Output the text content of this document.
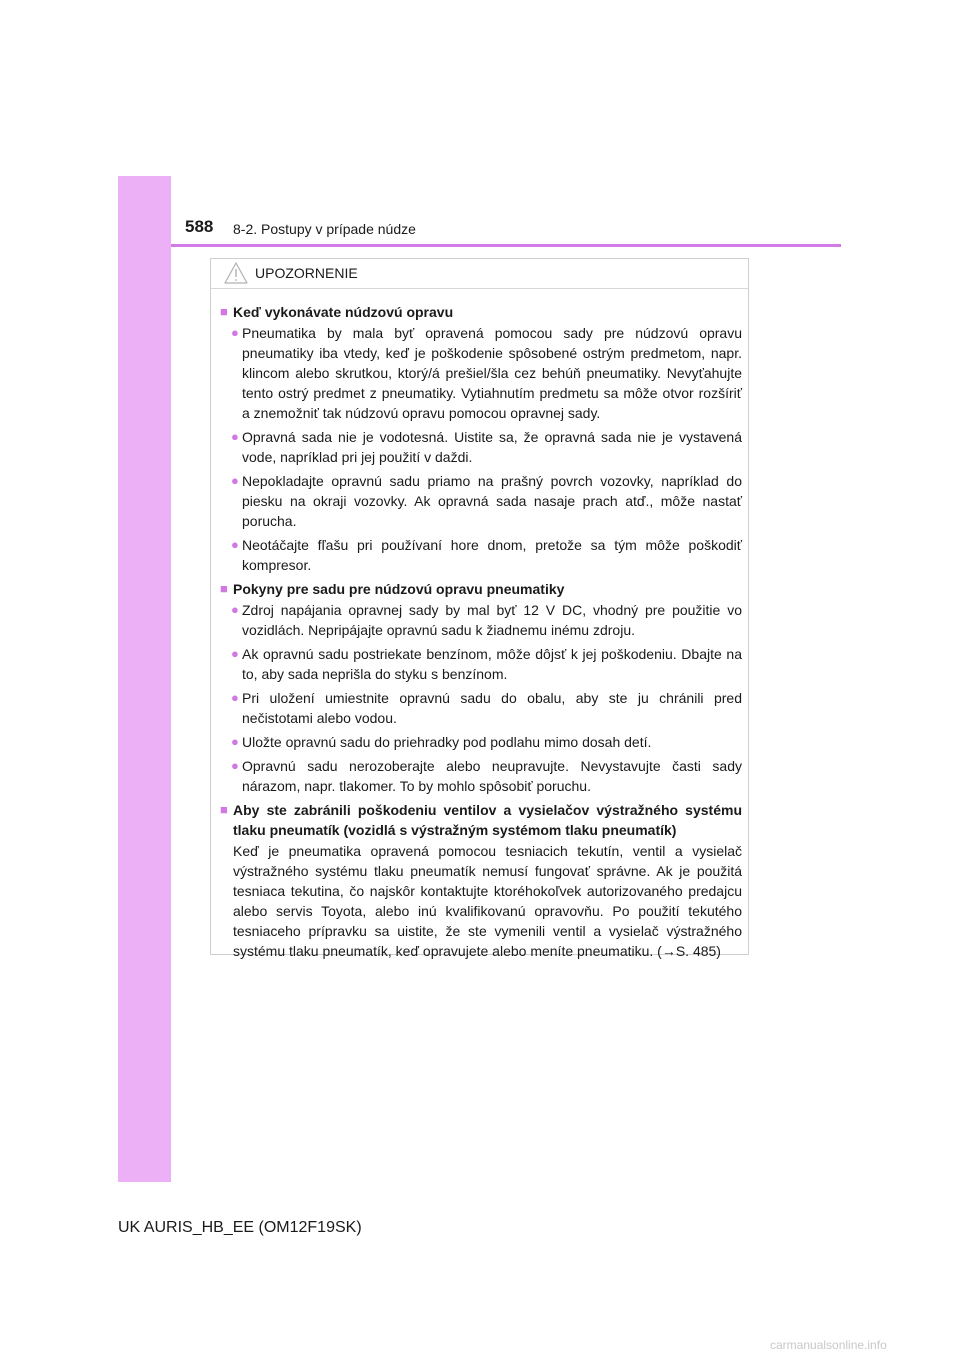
588 8-2. Postupy v prípade núdze
UPOZORNENIE
■ Keď vykonávate núdzovú opravu
● Pneumatika by mala byť opravená pomocou sady pre núdzovú opravu pneumatiky iba vtedy, keď je poškodenie spôsobené ostrým predmetom, napr. klincom alebo skrutkou, ktorý/á prešiel/šla cez behúň pneumatiky. Nevyťahujte tento ostrý predmet z pneumatiky. Vytiahnutím predmetu sa môže otvor rozšíriť a znemožniť tak núdzovú opravu pomocou opravnej sady.
● Opravná sada nie je vodotesná. Uistite sa, že opravná sada nie je vystavená vode, napríklad pri jej použití v daždi.
● Nepokladajte opravnú sadu priamo na prašný povrch vozovky, napríklad do piesku na okraji vozovky. Ak opravná sada nasaje prach atď., môže nastať porucha.
● Neotáčajte fľašu pri používaní hore dnom, pretože sa tým môže poškodiť kompresor.
■ Pokyny pre sadu pre núdzovú opravu pneumatiky
● Zdroj napájania opravnej sady by mal byť 12 V DC, vhodný pre použitie vo vozidlách. Nepripájajte opravnú sadu k žiadnemu inému zdroju.
● Ak opravnú sadu postriekate benzínom, môže dôjsť k jej poškodeniu. Dbajte na to, aby sada neprišla do styku s benzínom.
● Pri uložení umiestnite opravnú sadu do obalu, aby ste ju chránili pred nečistotami alebo vodou.
● Uložte opravnú sadu do priehradky pod podlahu mimo dosah detí.
● Opravnú sadu nerozoberajte alebo neupravujte. Nevystavujte časti sady nárazom, napr. tlakomer. To by mohlo spôsobiť poruchu.
■ Aby ste zabránili poškodeniu ventilov a vysielačov výstražného systému tlaku pneumatík (vozidlá s výstražným systémom tlaku pneumatík)
Keď je pneumatika opravená pomocou tesniacich tekutín, ventil a vysielač výstražného systému tlaku pneumatík nemusí fungovať správne. Ak je použitá tesniaca tekutina, čo najskôr kontaktujte ktoréhokoľvek autorizovaného predajcu alebo servis Toyota, alebo inú kvalifikovanú opravovňu. Po použití tekutého tesniaceho prípravku sa uistite, že ste vymenili ventil a vysielač výstražného systému tlaku pneumatík, keď opravujete alebo meníte pneumatiku. (→S. 485)
UK AURIS_HB_EE (OM12F19SK)
carmanualsonline.info
